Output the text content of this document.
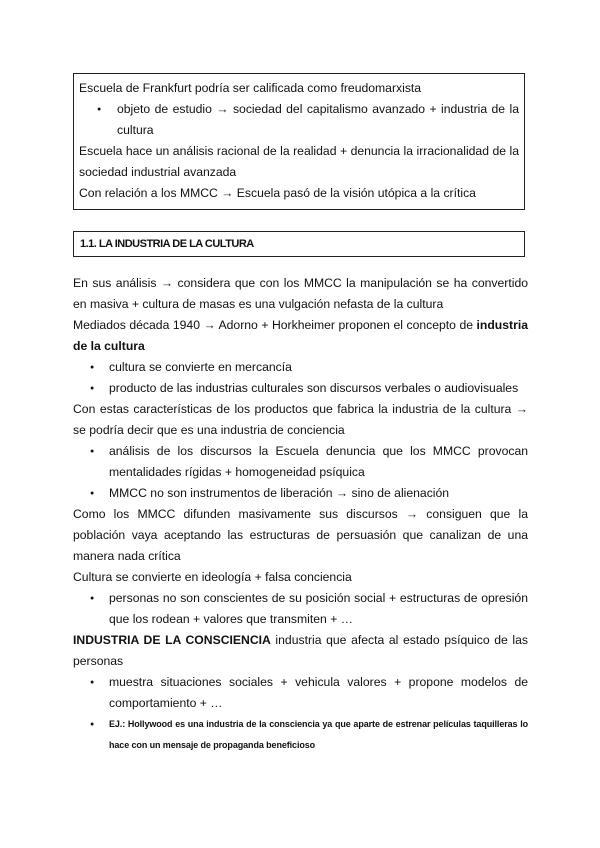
Escuela de Frankfurt podría ser calificada como freudomarxista
● objeto de estudio → sociedad del capitalismo avanzado + industria de la cultura
Escuela hace un análisis racional de la realidad + denuncia la irracionalidad de la sociedad industrial avanzada
Con relación a los MMCC → Escuela pasó de la visión utópica a la crítica
1.1. LA INDUSTRIA DE LA CULTURA
En sus análisis → considera que con los MMCC la manipulación se ha convertido en masiva + cultura de masas es una vulgación nefasta de la cultura
Mediados década 1940 → Adorno + Horkheimer proponen el concepto de industria de la cultura
● cultura se convierte en mercancía
● producto de las industrias culturales son discursos verbales o audiovisuales
Con estas características de los productos que fabrica la industria de la cultura → se podría decir que es una industria de conciencia
● análisis de los discursos la Escuela denuncia que los MMCC provocan mentalidades rígidas + homogeneidad psíquica
● MMCC no son instrumentos de liberación → sino de alienación
Como los MMCC difunden masivamente sus discursos → consiguen que la población vaya aceptando las estructuras de persuasión que canalizan de una manera nada crítica
Cultura se convierte en ideología + falsa conciencia
● personas no son conscientes de su posición social + estructuras de opresión que los rodean + valores que transmiten + …
INDUSTRIA DE LA CONSCIENCIA industria que afecta al estado psíquico de las personas
● muestra situaciones sociales + vehicula valores + propone modelos de comportamiento + …
● EJ.: Hollywood es una industria de la consciencia ya que aparte de estrenar películas taquilleras lo hace con un mensaje de propaganda beneficioso
